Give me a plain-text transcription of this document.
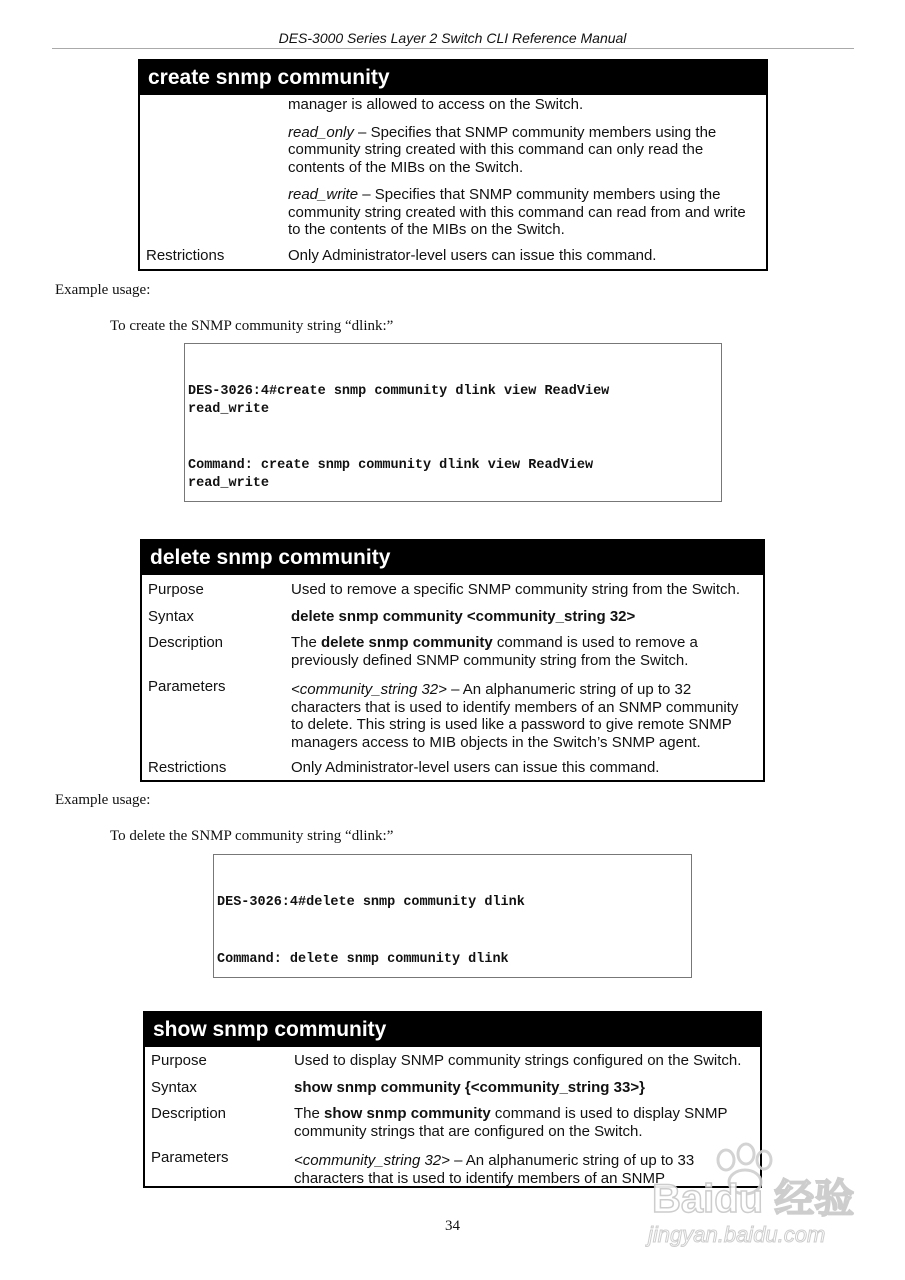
DES-3000 Series Layer 2 Switch CLI Reference Manual
create snmp community

manager is allowed to access on the Switch.

read_only – Specifies that SNMP community members using the community string created with this command can only read the contents of the MIBs on the Switch.

read_write – Specifies that SNMP community members using the community string created with this command can read from and write to the contents of the MIBs on the Switch.

Restrictions	Only Administrator-level users can issue this command.
Example usage:
To create the SNMP community string “dlink:”

DES-3026:4#create snmp community dlink view ReadView
read_write

Command: create snmp community dlink view ReadView
read_write

delete snmp community
Purpose	Used to remove a specific SNMP community string from the Switch.
Syntax	delete snmp community <community_string 32>
Description	The delete snmp community command is used to remove a previously defined SNMP community string from the Switch.
Parameters	<community_string 32> – An alphanumeric string of up to 32 characters that is used to identify members of an SNMP community to delete. This string is used like a password to give remote SNMP managers access to MIB objects in the Switch’s SNMP agent.
Restrictions	Only Administrator-level users can issue this command.
Example usage:
To delete the SNMP community string “dlink:”

DES-3026:4#delete snmp community dlink

Command: delete snmp community dlink

show snmp community
Purpose	Used to display SNMP community strings configured on the Switch.
Syntax	show snmp community {<community_string 33>}
Description	The show snmp community command is used to display SNMP community strings that are configured on the Switch.
Parameters	<community_string 32> – An alphanumeric string of up to 33 characters that is used to identify members of an SNMP
34
Baidu 经验
jingyan.baidu.com
